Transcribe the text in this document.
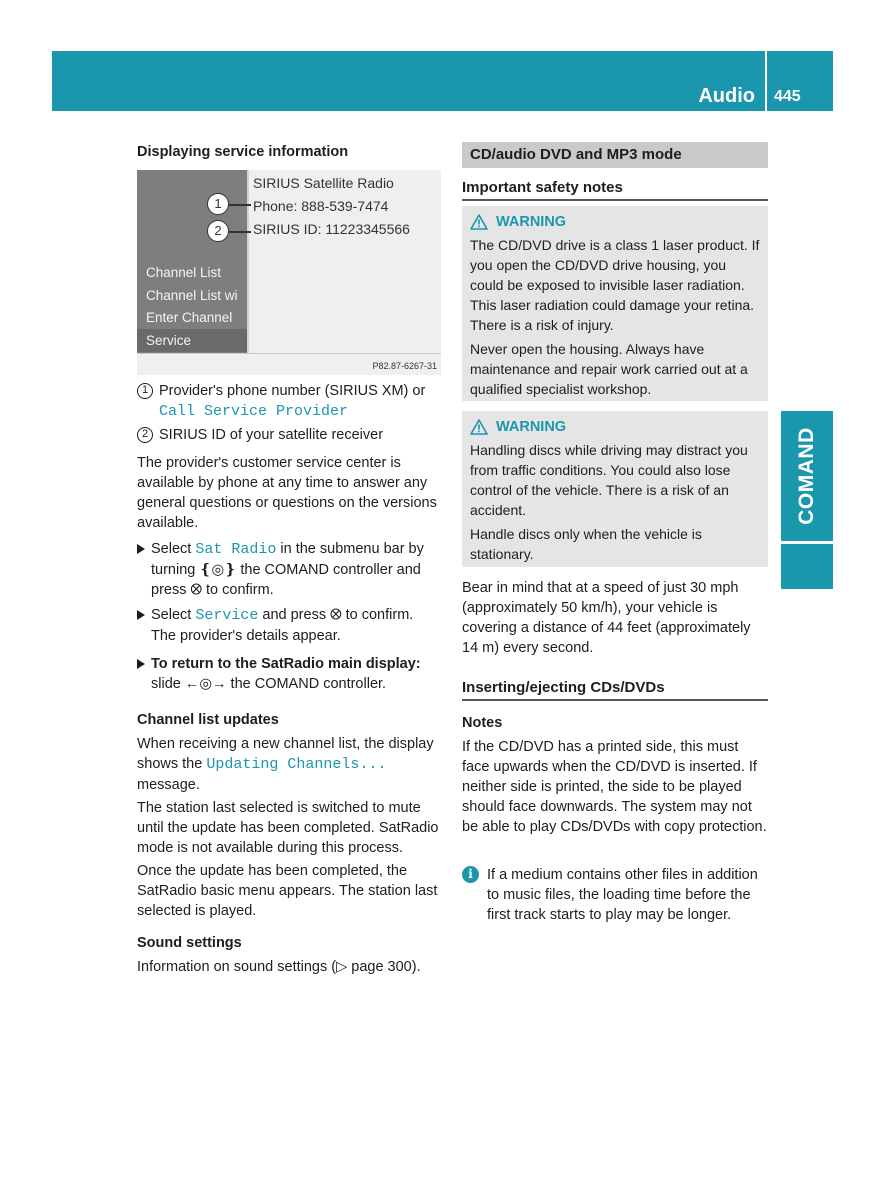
Audio 445
COMAND
Displaying service information
Channel List
Channel List wi
Enter Channel
Service
SIRIUS Satellite Radio
Phone: 888-539-7474
SIRIUS ID: 11223345566
1
2
P82.87-6267-31

1 Provider's phone number (SIRIUS XM) or
Call Service Provider

2 SIRIUS ID of your satellite receiver

The provider's customer service center is available by phone at any time to answer any general questions or questions on the versions available.

Select Sat Radio in the submenu bar by turning ❴◎❵ the COMAND controller and press ⭙ to confirm.

Select Service and press ⭙ to confirm.
The provider's details appear.

To return to the SatRadio main display:
slide ←◎→ the COMAND controller.

Channel list updates

When receiving a new channel list, the display shows the Updating Channels...
message.

The station last selected is switched to mute until the update has been completed. SatRadio mode is not available during this process.

Once the update has been completed, the SatRadio basic menu appears. The station last selected is played.

Sound settings

Information on sound settings (▷ page 300).

CD/audio DVD and MP3 mode
Important safety notes
WARNING

The CD/DVD drive is a class 1 laser product. If you open the CD/DVD drive housing, you could be exposed to invisible laser radiation. This laser radiation could damage your retina. There is a risk of injury.

Never open the housing. Always have maintenance and repair work carried out at a qualified specialist workshop.

WARNING

Handling discs while driving may distract you from traffic conditions. You could also lose control of the vehicle. There is a risk of an accident.

Handle discs only when the vehicle is stationary.

Bear in mind that at a speed of just 30 mph (approximately 50 km/h), your vehicle is covering a distance of 44 feet (approximately 14 m) every second.

Inserting/ejecting CDs/DVDs
Notes

If the CD/DVD has a printed side, this must face upwards when the CD/DVD is inserted. If neither side is printed, the side to be played should face downwards. The system may not be able to play CDs/DVDs with copy protection.

i If a medium contains other files in addition to music files, the loading time before the first track starts to play may be longer.
